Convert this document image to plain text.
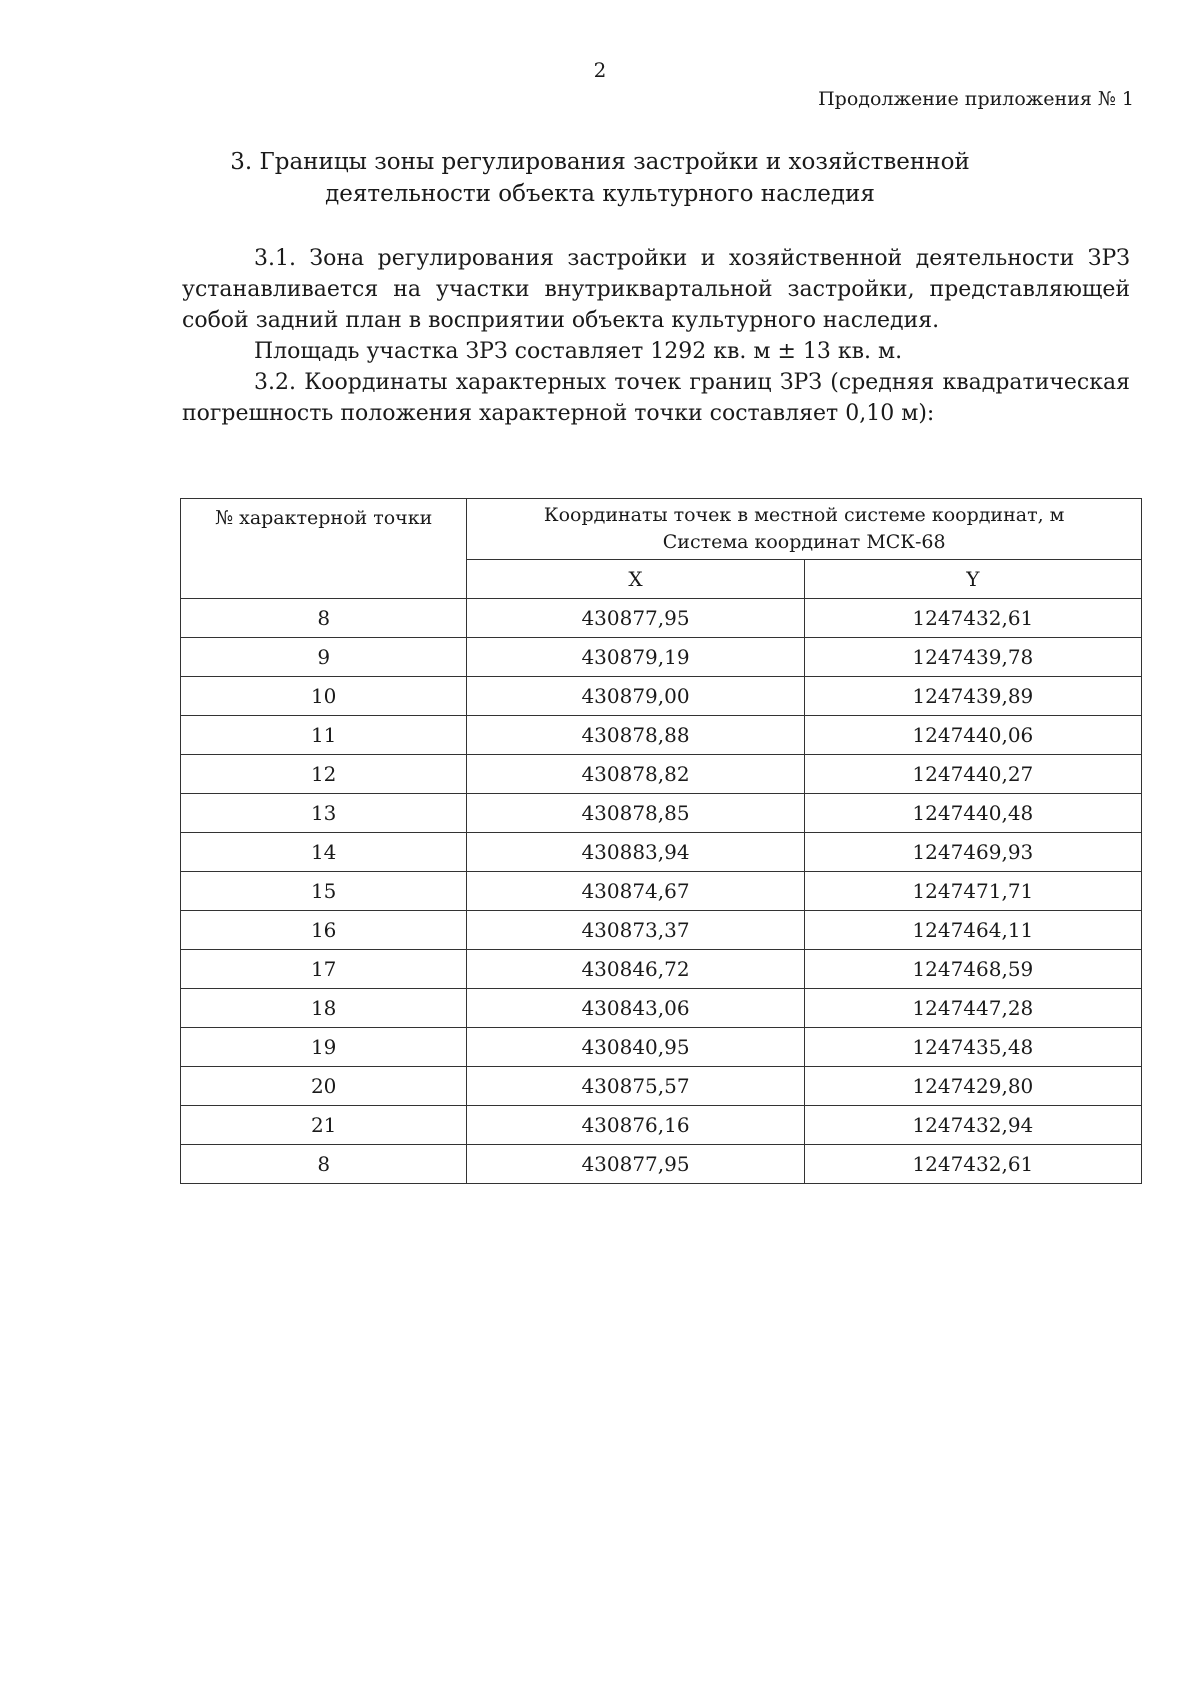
2
Продолжение приложения № 1
3. Границы зоны регулирования застройки и хозяйственной
деятельности объекта культурного наследия

3.1. Зона регулирования застройки и хозяйственной деятельности ЗРЗ устанавливается на участки внутриквартальной застройки, представляющей собой задний план в восприятии объекта культурного наследия.

Площадь участка ЗРЗ составляет 1292 кв. м ± 13 кв. м.

3.2. Координаты характерных точек границ ЗРЗ (средняя квадратическая погрешность положения характерной точки составляет 0,10 м):

№ характерной точки	Координаты точек в местной системе координат, м
Система координат МСК-68	

	X	Y
8	430877,95	1247432,61
9	430879,19	1247439,78
10	430879,00	1247439,89
11	430878,88	1247440,06
12	430878,82	1247440,27
13	430878,85	1247440,48
14	430883,94	1247469,93
15	430874,67	1247471,71
16	430873,37	1247464,11
17	430846,72	1247468,59
18	430843,06	1247447,28
19	430840,95	1247435,48
20	430875,57	1247429,80
21	430876,16	1247432,94
8	430877,95	1247432,61
